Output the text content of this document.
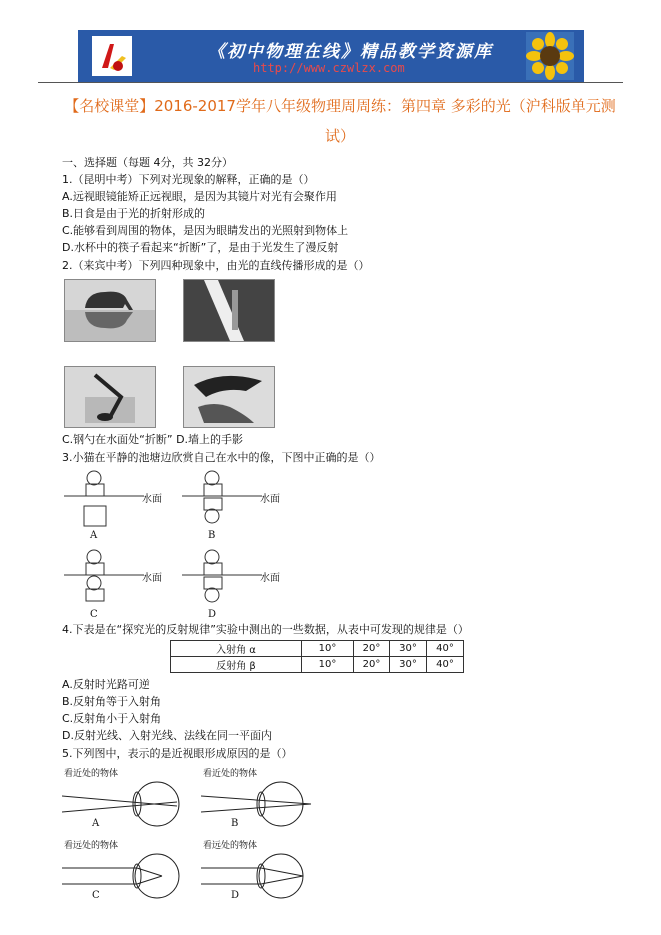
《初中物理在线》精品教学资源库
http://www.czwlzx.com
【名校课堂】2016-2017学年八年级物理周周练：第四章 多彩的光（沪科版单元测试）
一、选择题（每题 4分，共 32分）
1.（昆明中考）下列对光现象的解释，正确的是（）
A.远视眼镜能矫正远视眼，是因为其镜片对光有会聚作用
B.日食是由于光的折射形成的
C.能够看到周围的物体，是因为眼睛发出的光照射到物体上
D.水杯中的筷子看起来“折断”了，是由于光发生了漫反射
2.（来宾中考）下列四种现象中，由光的直线传播形成的是（）
C.钢勺在水面处“折断” D.墙上的手影
3.小猫在平静的池塘边欣赏自己在水中的像，下图中正确的是（）
水面
A
水面
B
水面
C
水面
D
4.下表是在“探究光的反射规律”实验中测出的一些数据，从表中可发现的规律是（）
入射角 α	10°	20°	30°	40°
反射角 β	10°	20°	30°	40°
A.反射时光路可逆
B.反射角等于入射角
C.反射角小于入射角
D.反射光线、入射光线、法线在同一平面内
5.下列图中，表示的是近视眼形成原因的是（）
看近处的物体
A
看近处的物体
B
看远处的物体
C
看远处的物体
D
